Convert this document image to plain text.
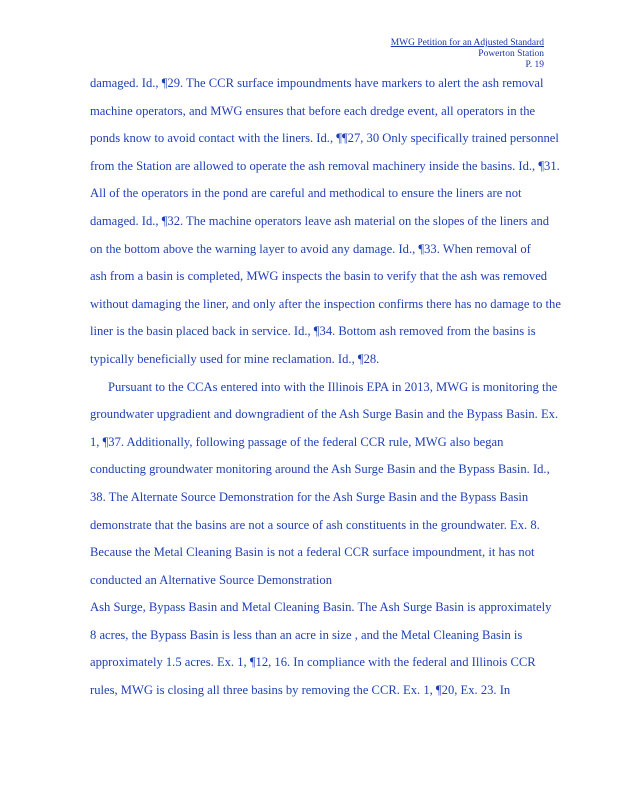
MWG Petition for an Adjusted Standard
Powerton Station
P. 19
damaged. Id., ¶29. The CCR surface impoundments have markers to alert the ash removal
machine operators, and MWG ensures that before each dredge event, all operators in the
ponds know to avoid contact with the liners. Id., ¶¶27, 30 Only specifically trained personnel
from the Station are allowed to operate the ash removal machinery inside the basins. Id., ¶31.
All of the operators in the pond are careful and methodical to ensure the liners are not
damaged. Id., ¶32. The machine operators leave ash material on the slopes of the liners and
on the bottom above the warning layer to avoid any damage. Id., ¶33. When removal of
ash from a basin is completed, MWG inspects the basin to verify that the ash was removed
without damaging the liner, and only after the inspection confirms there has no damage to the
liner is the basin placed back in service. Id., ¶34. Bottom ash removed from the basins is
typically beneficially used for mine reclamation. Id., ¶28.
Pursuant to the CCAs entered into with the Illinois EPA in 2013, MWG is monitoring the
groundwater upgradient and downgradient of the Ash Surge Basin and the Bypass Basin. Ex.
1, ¶37. Additionally, following passage of the federal CCR rule, MWG also began
conducting groundwater monitoring around the Ash Surge Basin and the Bypass Basin. Id.,
38. The Alternate Source Demonstration for the Ash Surge Basin and the Bypass Basin
demonstrate that the basins are not a source of ash constituents in the groundwater. Ex. 8.
Because the Metal Cleaning Basin is not a federal CCR surface impoundment, it has not
conducted an Alternative Source Demonstration
Ash Surge, Bypass Basin and Metal Cleaning Basin. The Ash Surge Basin is approximately
8 acres, the Bypass Basin is less than an acre in size , and the Metal Cleaning Basin is
approximately 1.5 acres. Ex. 1, ¶12, 16. In compliance with the federal and Illinois CCR
rules, MWG is closing all three basins by removing the CCR. Ex. 1, ¶20, Ex. 23. In
